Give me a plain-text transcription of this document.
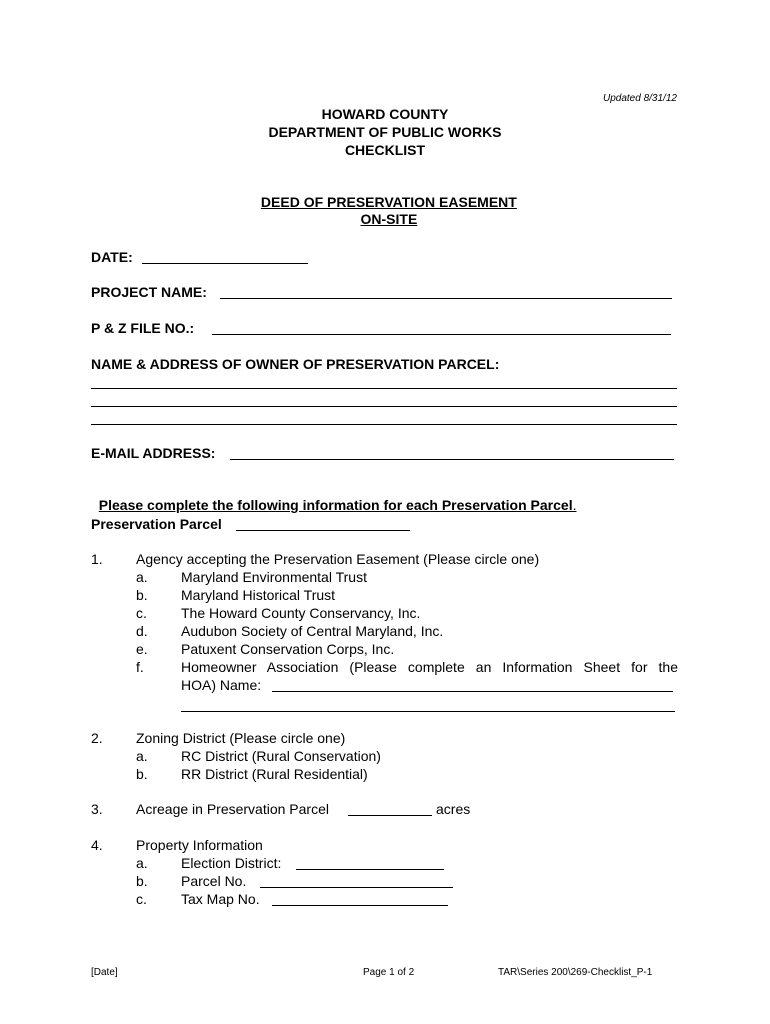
Updated 8/31/12
HOWARD COUNTY
DEPARTMENT OF PUBLIC WORKS
CHECKLIST

DEED OF PRESERVATION EASEMENT

ON-SITE

DATE:
PROJECT NAME:
P & Z FILE NO.:
NAME & ADDRESS OF OWNER OF PRESERVATION PARCEL:
E-MAIL ADDRESS:

Please complete the following information for each Preservation Parcel.

Preservation Parcel
1. Agency accepting the Preservation Easement (Please circle one)
a. Maryland Environmental Trust
b. Maryland Historical Trust
c. The Howard County Conservancy, Inc.
d. Audubon Society of Central Maryland, Inc.
e. Patuxent Conservation Corps, Inc.
f.	Homeowner Association (Please complete an Information Sheet for the
HOA) Name:
2. Zoning District (Please circle one)
a. RC District (Rural Conservation)
b. RR District (Rural Residential)
3. Acreage in Preservation Parcel	acres
4. Property Information
a. Election District:
b. Parcel No.
c. Tax Map No.
[Date]	Page 1 of 2	TAR\Series 200\269-Checklist_P-1
